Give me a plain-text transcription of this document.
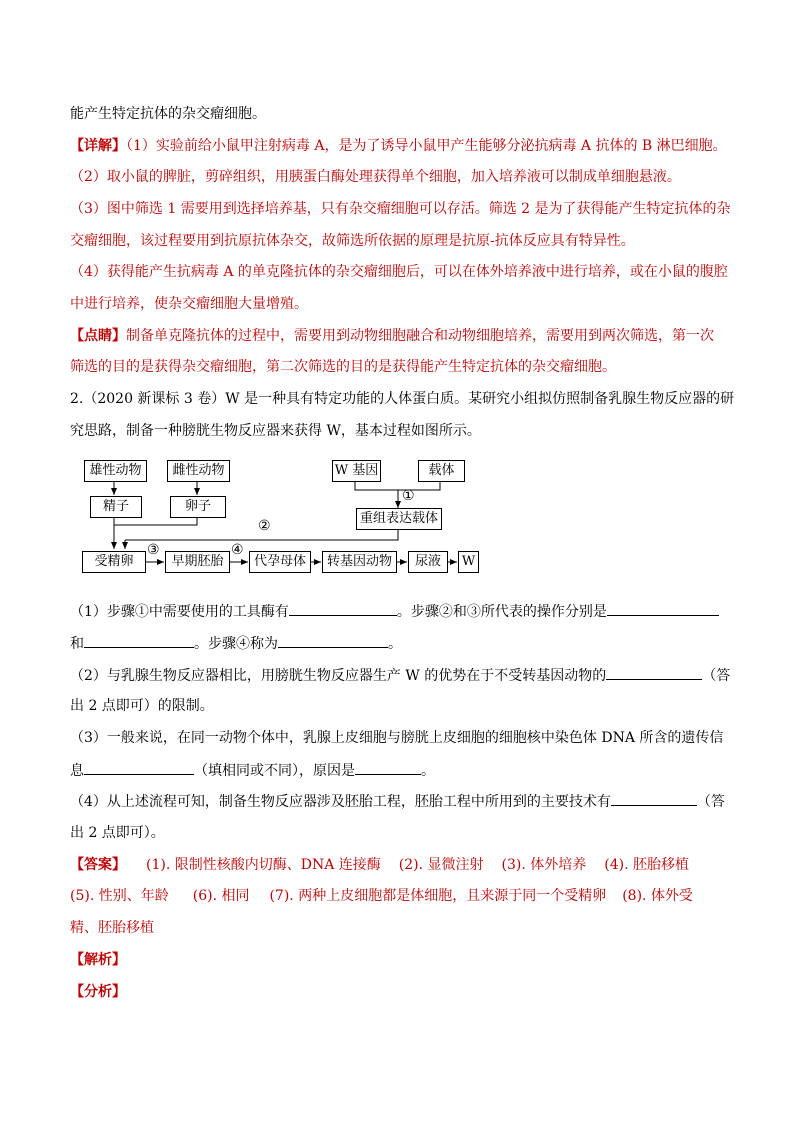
能产生特定抗体的杂交瘤细胞。
【详解】（1）实验前给小鼠甲注射病毒 A，是为了诱导小鼠甲产生能够分泌抗病毒 A 抗体的 B 淋巴细胞。
（2）取小鼠的脾脏，剪碎组织，用胰蛋白酶处理获得单个细胞，加入培养液可以制成单细胞悬液。
（3）图中筛选 1 需要用到选择培养基，只有杂交瘤细胞可以存活。筛选 2 是为了获得能产生特定抗体的杂
交瘤细胞，该过程要用到抗原抗体杂交，故筛选所依据的原理是抗原-抗体反应具有特异性。
（4）获得能产生抗病毒 A 的单克隆抗体的杂交瘤细胞后，可以在体外培养液中进行培养，或在小鼠的腹腔
中进行培养，使杂交瘤细胞大量增殖。
【点睛】制备单克隆抗体的过程中，需要用到动物细胞融合和动物细胞培养，需要用到两次筛选，第一次
筛选的目的是获得杂交瘤细胞，第二次筛选的目的是获得能产生特定抗体的杂交瘤细胞。
2.（2020 新课标 3 卷）W 是一种具有特定功能的人体蛋白质。某研究小组拟仿照制备乳腺生物反应器的研
究思路，制备一种膀胱生物反应器来获得 W，基本过程如图所示。
雄性动物	雌性动物
精子	卵子
W 基因	载体
重组表达载体
受精卵	早期胚胎	代孕母体	转基因动物	尿液	W
①
②
③	④
（1）步骤①中需要使用的工具酶有	。步骤②和③所代表的操作分别是
和	。步骤④称为	。
（2）与乳腺生物反应器相比，用膀胱生物反应器生产 W 的优势在于不受转基因动物的	（答
出 2 点即可）的限制。
（3）一般来说，在同一动物个体中，乳腺上皮细胞与膀胱上皮细胞的细胞核中染色体 DNA 所含的遗传信
息	（填相同或不同），原因是	。
（4）从上述流程可知，制备生物反应器涉及胚胎工程，胚胎工程中所用到的主要技术有	（答
出 2 点即可）。
【答案】 (1). 限制性核酸内切酶、DNA 连接酶 (2). 显微注射 (3). 体外培养 (4). 胚胎移植
(5). 性别、年龄 (6). 相同 (7). 两种上皮细胞都是体细胞，且来源于同一个受精卵 (8). 体外受
精、胚胎移植
【解析】
【分析】
